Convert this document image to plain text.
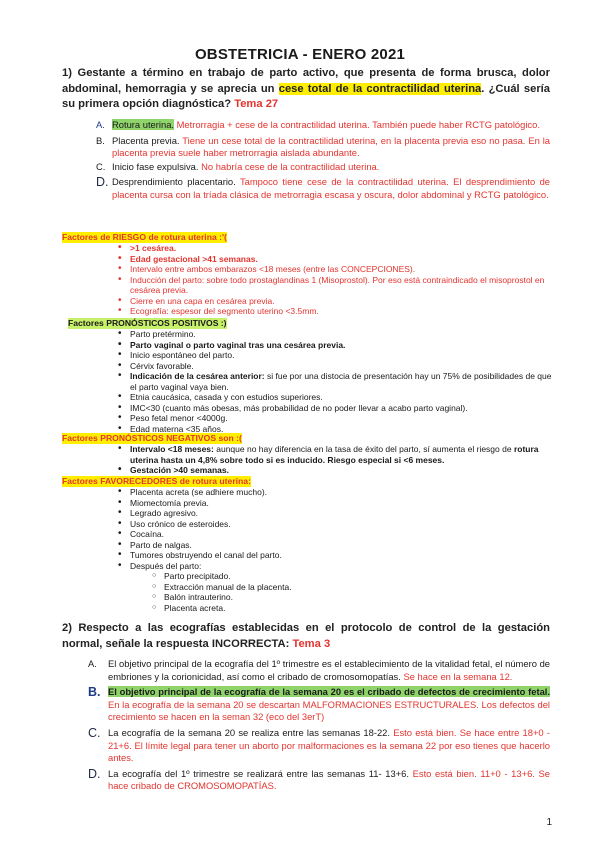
OBSTETRICIA - ENERO 2021
1) Gestante a término en trabajo de parto activo, que presenta de forma brusca, dolor abdominal, hemorragia y se aprecia un cese total de la contractilidad uterina. ¿Cuál sería su primera opción diagnóstica? Tema 27
A. Rotura uterina. Metrorragia + cese de la contractilidad uterina. También puede haber RCTG patológico.
B. Placenta previa. Tiene un cese total de la contractilidad uterina, en la placenta previa eso no pasa. En la placenta previa suele haber metrorragia aislada abundante.
C. Inicio fase expulsiva. No habría cese de la contractilidad uterina.
D. Desprendimiento placentario. Tampoco tiene cese de la contractilidad uterina. El desprendimiento de placenta cursa con la tríada clásica de metrorragia escasa y oscura, dolor abdominal y RCTG patológico.
Factores de RIESGO de rotura uterina :'(
• >1 cesárea.
• Edad gestacional >41 semanas.
• Intervalo entre ambos embarazos <18 meses (entre las CONCEPCIONES).
• Inducción del parto: sobre todo prostaglandinas 1 (Misoprostol). Por eso está contraindicado el misoprostol en cesárea previa.
• Cierre en una capa en cesárea previa.
• Ecografía: espesor del segmento uterino <3.5mm.
Factores PRONÓSTICOS POSITIVOS :)
• Parto pretérmino.
• Parto vaginal o parto vaginal tras una cesárea previa.
• Inicio espontáneo del parto.
• Cérvix favorable.
• Indicación de la cesárea anterior: si fue por una distocia de presentación hay un 75% de posibilidades de que el parto vaginal vaya bien.
• Etnia caucásica, casada y con estudios superiores.
• IMC<30 (cuanto más obesas, más probabilidad de no poder llevar a acabo parto vaginal).
• Peso fetal menor <4000g.
• Edad materna <35 años.
Factores PRONÓSTICOS NEGATIVOS son :(
• Intervalo <18 meses: aunque no hay diferencia en la tasa de éxito del parto, sí aumenta el riesgo de rotura uterina hasta un 4,8% sobre todo si es inducido. Riesgo especial si <6 meses.
• Gestación >40 semanas.
Factores FAVORECEDORES de rotura uterina:
• Placenta acreta (se adhiere mucho).
• Miomectomía previa.
• Legrado agresivo.
• Uso crónico de esteroides.
• Cocaína.
• Parto de nalgas.
• Tumores obstruyendo el canal del parto.
• Después del parto:
○ Parto precipitado.
○ Extracción manual de la placenta.
○ Balón intrauterino.
○ Placenta acreta.
2) Respecto a las ecografías establecidas en el protocolo de control de la gestación normal, señale la respuesta INCORRECTA: Tema 3
A.	El objetivo principal de la ecografía del 1º trimestre es el establecimiento de la vitalidad fetal, el número de embriones y la corionicidad, así como el cribado de cromosomopatías. Se hace en la semana 12.
B. El objetivo principal de la ecografía de la semana 20 es el cribado de defectos de crecimiento fetal. En la ecografía de la semana 20 se descartan MALFORMACIONES ESTRUCTURALES. Los defectos del crecimiento se hacen en la seman 32 (eco del 3erT)
C. La ecografía de la semana 20 se realiza entre las semanas 18-22. Esto está bien. Se hace entre 18+0 - 21+6. El límite legal para tener un aborto por malformaciones es la semana 22 por eso tienes que hacerlo antes.
D. La ecografía del 1º trimestre se realizará entre las semanas 11- 13+6. Esto está bien. 11+0 - 13+6. Se hace cribado de CROMOSOMOPATÍAS.
1
